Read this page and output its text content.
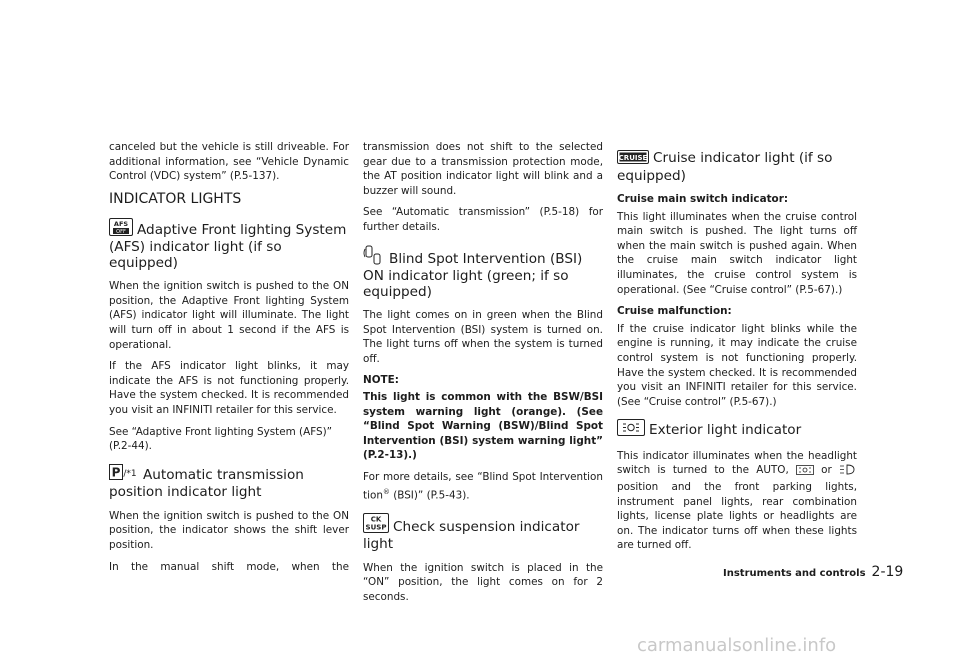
canceled but the vehicle is still driveable. For additional information, see “Vehicle Dynamic Control (VDC) system” (P.5-137).

INDICATOR LIGHTS
AFS
OFF Adaptive Front lighting System (AFS) indicator light (if so equipped)

When the ignition switch is pushed to the ON position, the Adaptive Front lighting System (AFS) indicator light will illuminate. The light will turn off in about 1 second if the AFS is operational.

If the AFS indicator light blinks, it may indicate the AFS is not functioning properly. Have the system checked. It is recommended you visit an INFINITI retailer for this service.

See “Adaptive Front lighting System (AFS)” (P.2-44).

P /*1 Automatic transmission position indicator light

When the ignition switch is pushed to the ON position, the indicator shows the shift lever position.

In the manual shift mode, when the

transmission does not shift to the selected gear due to a transmission protection mode, the AT position indicator light will blink and a buzzer will sound.

See “Automatic transmission” (P.5-18) for further details.

Blind Spot Intervention (BSI) ON indicator light (green; if so equipped)

The light comes on in green when the Blind Spot Intervention (BSI) system is turned on. The light turns off when the system is turned off.

NOTE:

This light is common with the BSW/BSI system warning light (orange). (See “Blind Spot Warning (BSW)/Blind Spot Intervention (BSI) system warning light” (P.2-13).)

For more details, see “Blind Spot Intervention tion® (BSI)” (P.5-43).

CK
SUSP Check suspension indicator light

When the ignition switch is placed in the “ON” position, the light comes on for 2 seconds.

CRUISE Cruise indicator light (if so equipped)

Cruise main switch indicator:

This light illuminates when the cruise control main switch is pushed. The light turns off when the main switch is pushed again. When the cruise main switch indicator light illuminates, the cruise control system is operational. (See “Cruise control” (P.5-67).)

Cruise malfunction:

If the cruise indicator light blinks while the engine is running, it may indicate the cruise control system is not functioning properly. Have the system checked. It is recommended you visit an INFINITI retailer for this service. (See “Cruise control” (P.5-67).)

Exterior light indicator

This indicator illuminates when the headlight switch is turned to the AUTO,	or  position and the front parking lights, instrument panel lights, rear combination lights, license plate lights or headlights are on. The indicator turns off when these lights are turned off.

Instruments and controls 2-19
carmanualsonline.info
